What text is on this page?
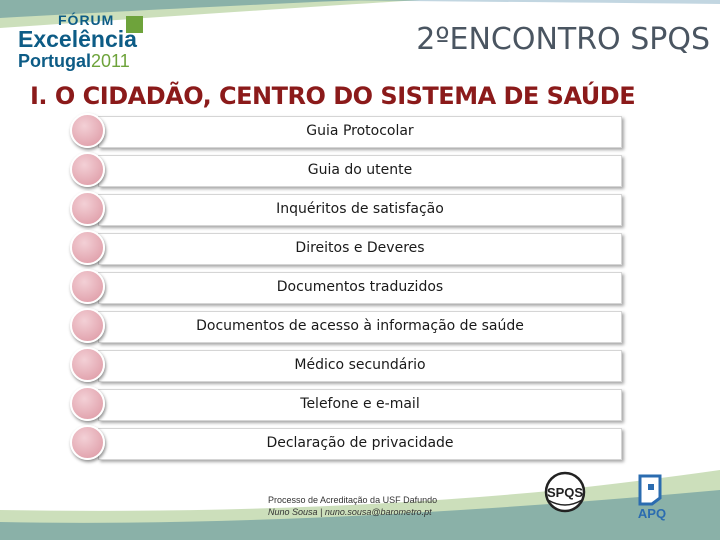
FÓRUM
Excelência
Portugal2011
2ºENCONTRO SPQS
I. O CIDADÃO, CENTRO DO SISTEMA DE SAÚDE
Guia Protocolar
Guia do utente
Inquéritos de satisfação
Direitos e Deveres
Documentos traduzidos
Documentos de acesso à informação de saúde
Médico secundário
Telefone e e-mail
Declaração de privacidade
Processo de Acreditação da USF Dafundo
Nuno Sousa | nuno.sousa@barometro.pt
SPQS
APQ
